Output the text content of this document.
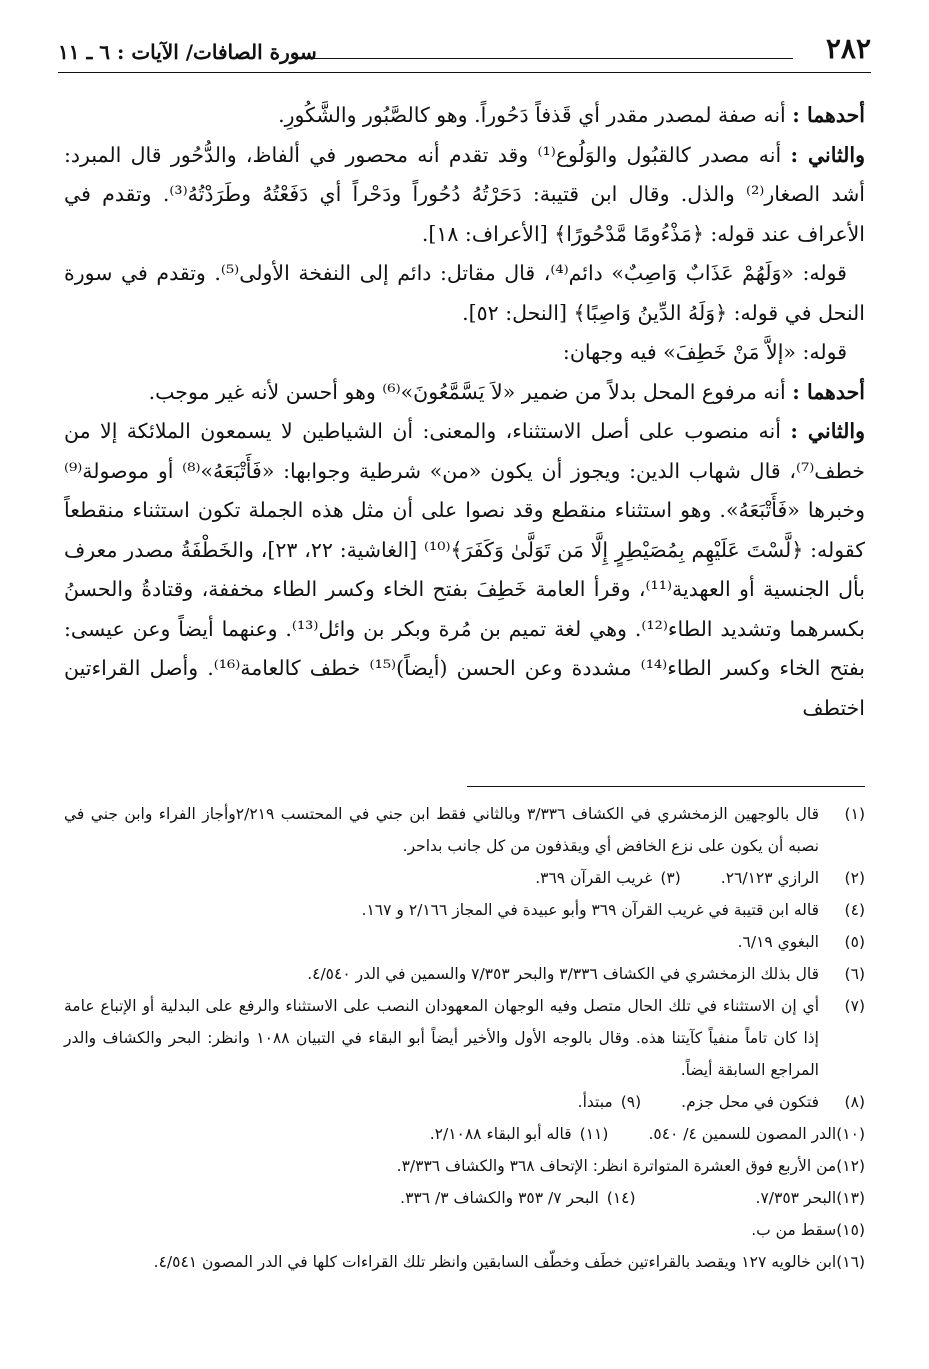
٢٨٢
سورة الصافات/ الآيات : ٦ ـ ١١

أحدهما : أنه صفة لمصدر مقدر أي قَذفاً دَحُوراً. وهو كالصَّبُور والشَّكُورِ.

والثاني : أنه مصدر كالقبُول والوَلُوع⁽¹⁾ وقد تقدم أنه محصور في ألفاظ، والدُّحُور قال المبرد: أشد الصغار⁽²⁾ والذل. وقال ابن قتيبة: دَحَرْتُهُ دُحُوراً ودَحْراً أي دَفَعْتُهُ وطَرَدْتُهُ⁽³⁾. وتقدم في الأعراف عند قوله: ﴿مَذْءُومًا مَّدْحُورًا﴾ [الأعراف: ١٨].

قوله: «وَلَهُمْ عَذَابٌ وَاصِبٌ» دائم⁽⁴⁾، قال مقاتل: دائم إلى النفخة الأولى⁽⁵⁾. وتقدم في سورة النحل في قوله: ﴿وَلَهُ الدِّينُ وَاصِبًا﴾ [النحل: ٥٢].

قوله: «إلاَّ مَنْ خَطِفَ» فيه وجهان:

أحدهما : أنه مرفوع المحل بدلاً من ضمير «لاَ يَسَّمَّعُونَ»⁽⁶⁾ وهو أحسن لأنه غير موجب.

والثاني : أنه منصوب على أصل الاستثناء، والمعنى: أن الشياطين لا يسمعون الملائكة إلا من خطف⁽⁷⁾، قال شهاب الدين: ويجوز أن يكون «من» شرطية وجوابها: «فَأَتْبَعَهُ»⁽⁸⁾ أو موصولة⁽⁹⁾ وخبرها «فَأَتْبَعَهُ». وهو استثناء منقطع وقد نصوا على أن مثل هذه الجملة تكون استثناء منقطعاً كقوله: ﴿لَّسْتَ عَلَيْهِم بِمُصَيْطِرٍ إِلَّا مَن تَوَلَّىٰ وَكَفَرَ﴾⁽¹⁰⁾ [الغاشية: ٢٢، ٢٣]، والخَطْفَةُ مصدر معرف بأل الجنسية أو العهدية⁽¹¹⁾، وقرأ العامة خَطِفَ بفتح الخاء وكسر الطاء مخففة، وقتادةُ والحسنُ بكسرهما وتشديد الطاء⁽¹²⁾. وهي لغة تميم بن مُرة وبكر بن وائل⁽¹³⁾. وعنهما أيضاً وعن عيسى: بفتح الخاء وكسر الطاء⁽¹⁴⁾ مشددة وعن الحسن (أيضاً)⁽¹⁵⁾ خطف كالعامة⁽¹⁶⁾. وأصل القراءتين اختطف

(١)
قال بالوجهين الزمخشري في الكشاف ٣/٣٣٦ وبالثاني فقط ابن جني في المحتسب ٢/٢١٩وأجاز الفراء وابن جني في نصبه أن يكون على نزع الخافض أي ويقذفون من كل جانب بداحر.
(٢)
الرازي ٢٦/١٢٣.
(٣)
غريب القرآن ٣٦٩.
(٤)
قاله ابن قتيبة في غريب القرآن ٣٦٩ وأبو عبيدة في المجاز ٢/١٦٦ و ١٦٧.
(٥)
البغوي ٦/١٩.
(٦)
قال بذلك الزمخشري في الكشاف ٣/٣٣٦ والبحر ٧/٣٥٣ والسمين في الدر ٤/٥٤٠.
(٧)
أي إن الاستثناء في تلك الحال متصل وفيه الوجهان المعهودان النصب على الاستثناء والرفع على البدلية أو الإتباع عامة إذا كان تاماً منفياً كآيتنا هذه. وقال بالوجه الأول والأخير أيضاً أبو البقاء في التبيان ١٠٨٨ وانظر: البحر والكشاف والدر المراجع السابقة أيضاً.
(٨)
فتكون في محل جزم.
(٩)
مبتدأ.
(١٠)
الدر المصون للسمين ٤/ ٥٤٠.
(١١)
قاله أبو البقاء ٢/١٠٨٨.
(١٢)
من الأربع فوق العشرة المتواترة انظر: الإتحاف ٣٦٨ والكشاف ٣/٣٣٦.
(١٣)
البحر ٧/٣٥٣.
(١٤)
البحر ٧/ ٣٥٣ والكشاف ٣/ ٣٣٦.
(١٥)
سقط من ب.
(١٦)
ابن خالويه ١٢٧ ويقصد بالقراءتين خطَف وخطّف السابقين وانظر تلك القراءات كلها في الدر المصون ٤/٥٤١.
